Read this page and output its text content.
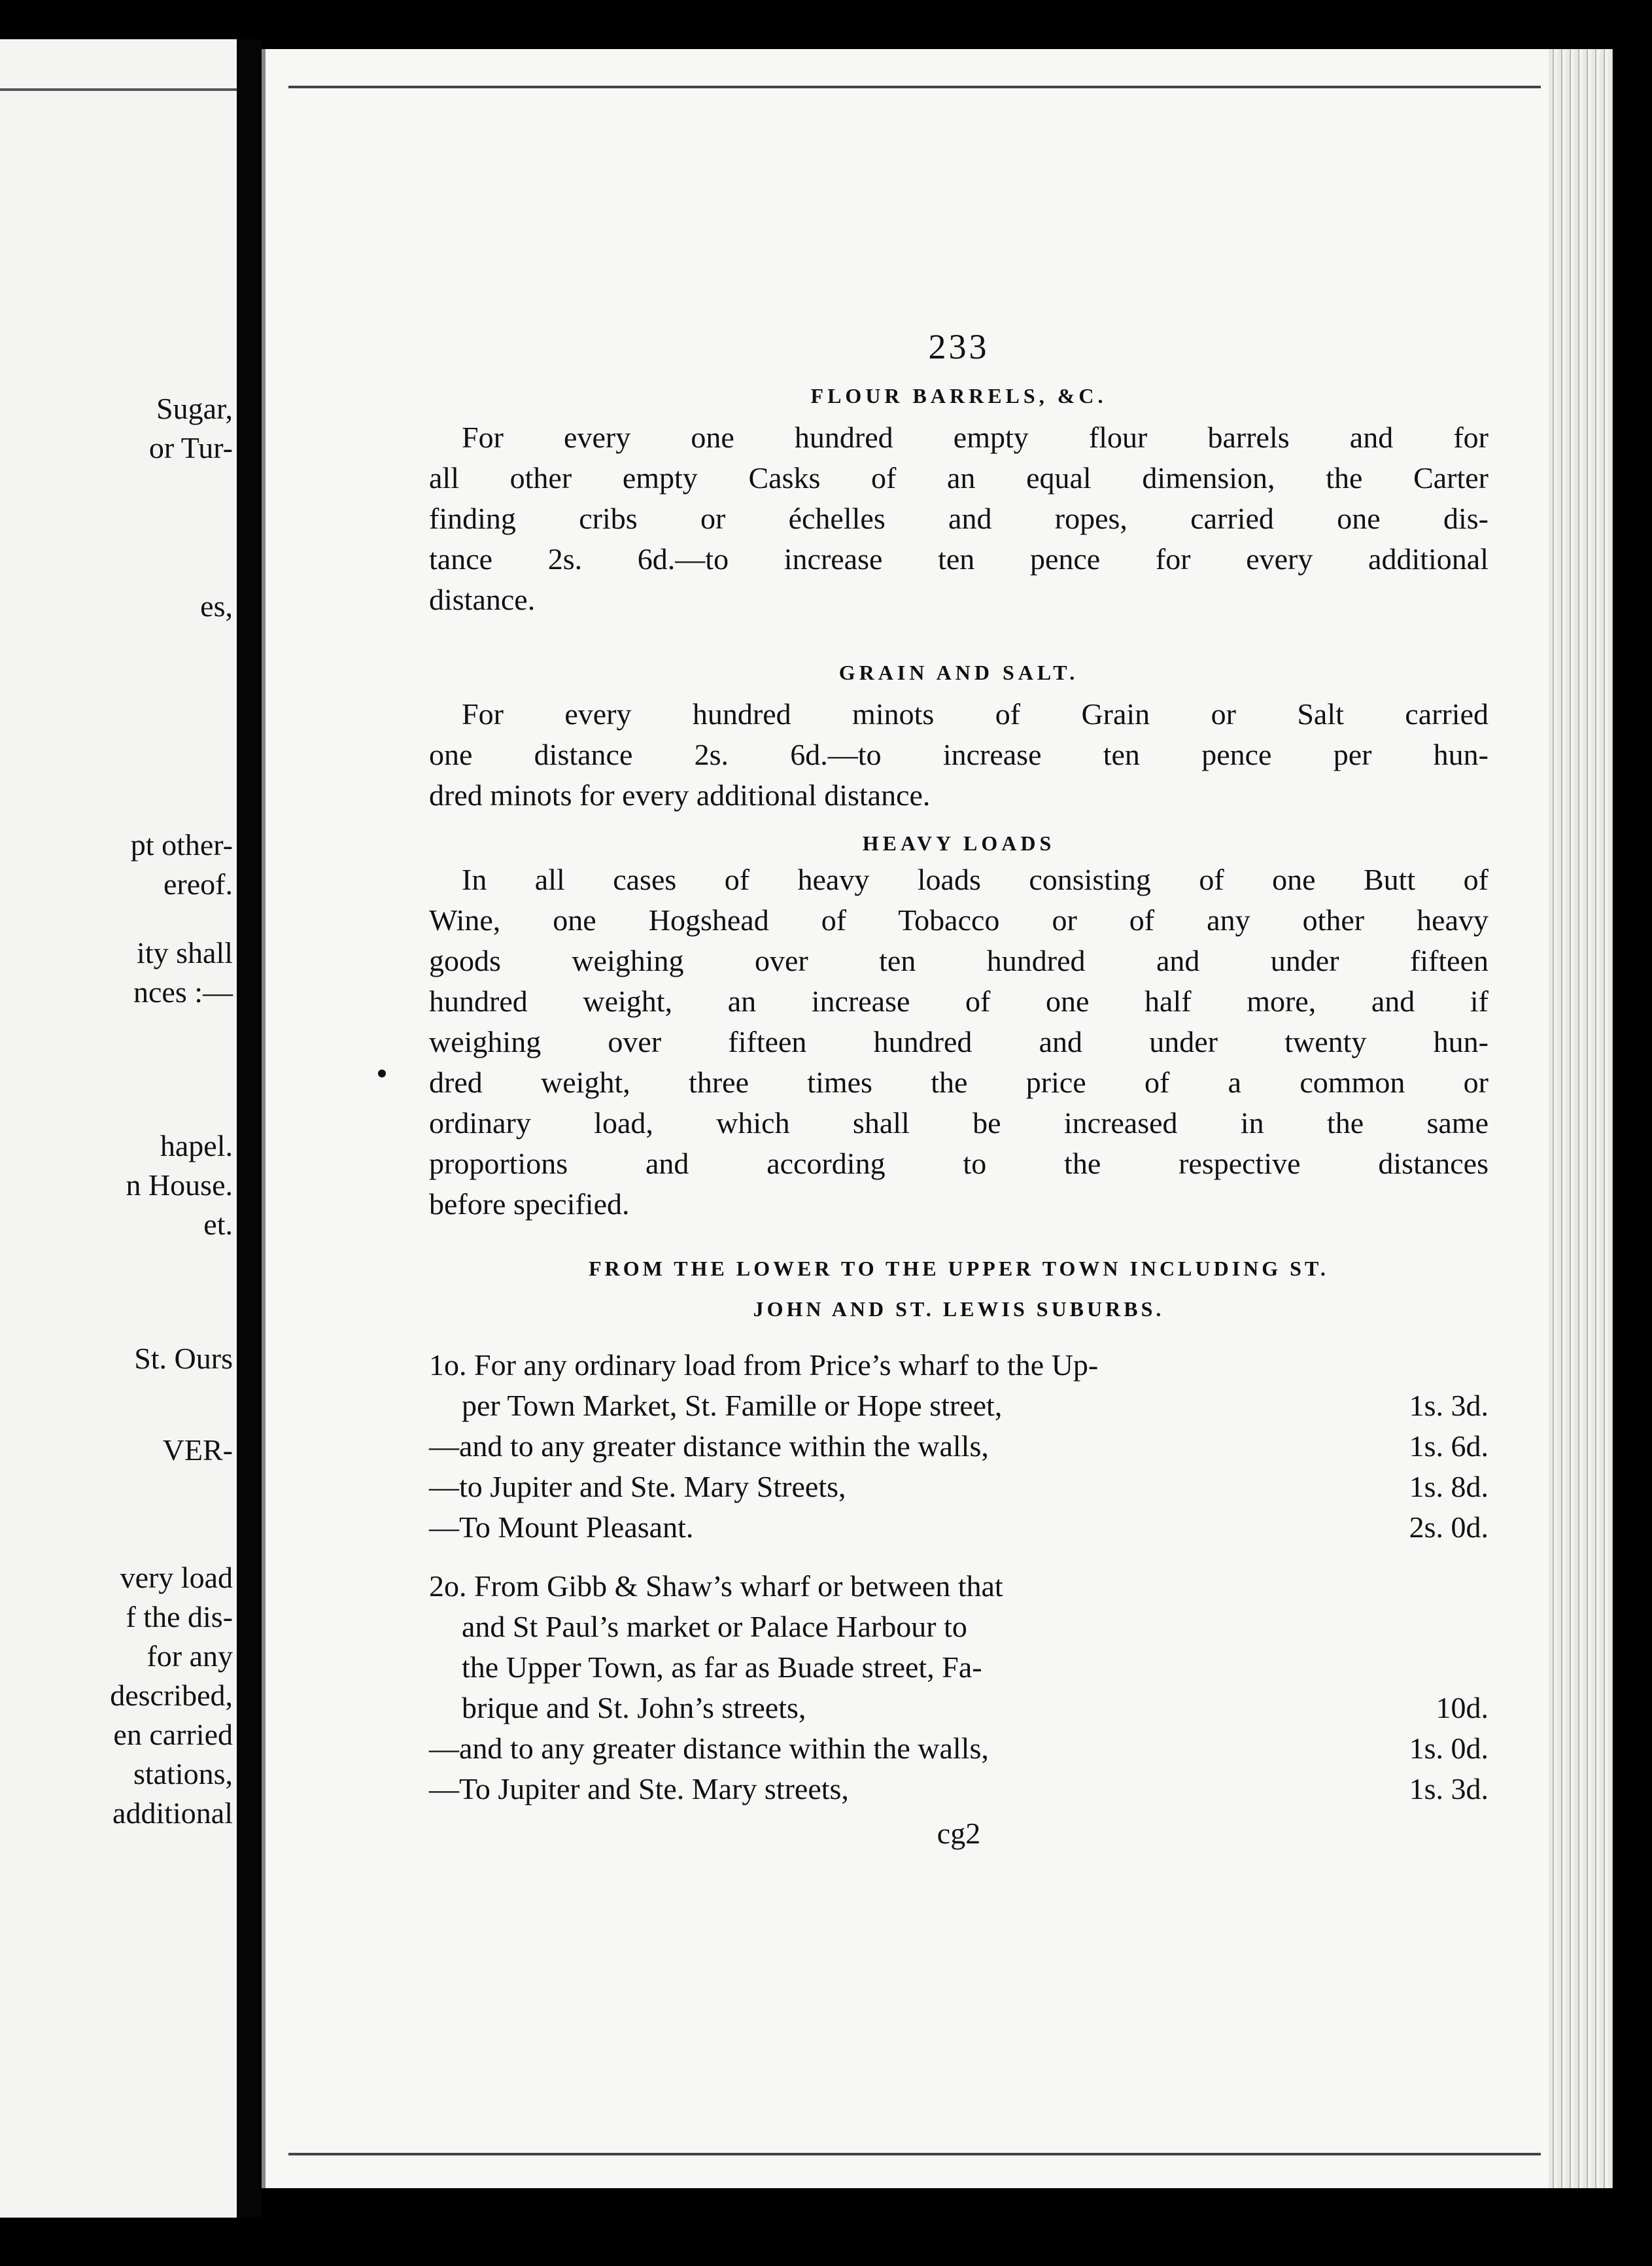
Sugar,
or Tur-
es,
pt other-
ereof.
ity shall
nces :—
hapel.
n House.
et.
St. Ours
VER-
very load
f the dis-
for any
described,
en carried
stations,
additional
233
FLOUR BARRELS, &C.
For every one hundred empty flour barrels and for
all other empty Casks of an equal dimension, the Carter
finding cribs or échelles and ropes, carried one dis-
tance 2s. 6d.—to increase ten pence for every additional
distance.
GRAIN AND SALT.
For every hundred minots of Grain or Salt carried
one distance 2s. 6d.—to increase ten pence per hun-
dred minots for every additional distance.
HEAVY LOADS
In all cases of heavy loads consisting of one Butt of
Wine, one Hogshead of Tobacco or of any other heavy
goods weighing over ten hundred and under fifteen
hundred weight, an increase of one half more, and if
weighing over fifteen hundred and under twenty hun-
dred weight, three times the price of a common or
ordinary load, which shall be increased in the same
proportions and according to the respective distances
before specified.
FROM THE LOWER TO THE UPPER TOWN INCLUDING ST.
JOHN AND ST. LEWIS SUBURBS.
1o. For any ordinary load from Price’s wharf to the Up-
per Town Market, St. Famille or Hope street,	1s. 3d.
—and to any greater distance within the walls,	1s. 6d.
—to Jupiter and Ste. Mary Streets,	1s. 8d.
—To Mount Pleasant.	2s. 0d.
2o. From Gibb & Shaw’s wharf or between that
and St Paul’s market or Palace Harbour to
the Upper Town, as far as Buade street, Fa-
brique and St. John’s streets,	10d.
—and to any greater distance within the walls,	1s. 0d.
—To Jupiter and Ste. Mary streets,	1s. 3d.
cg2
